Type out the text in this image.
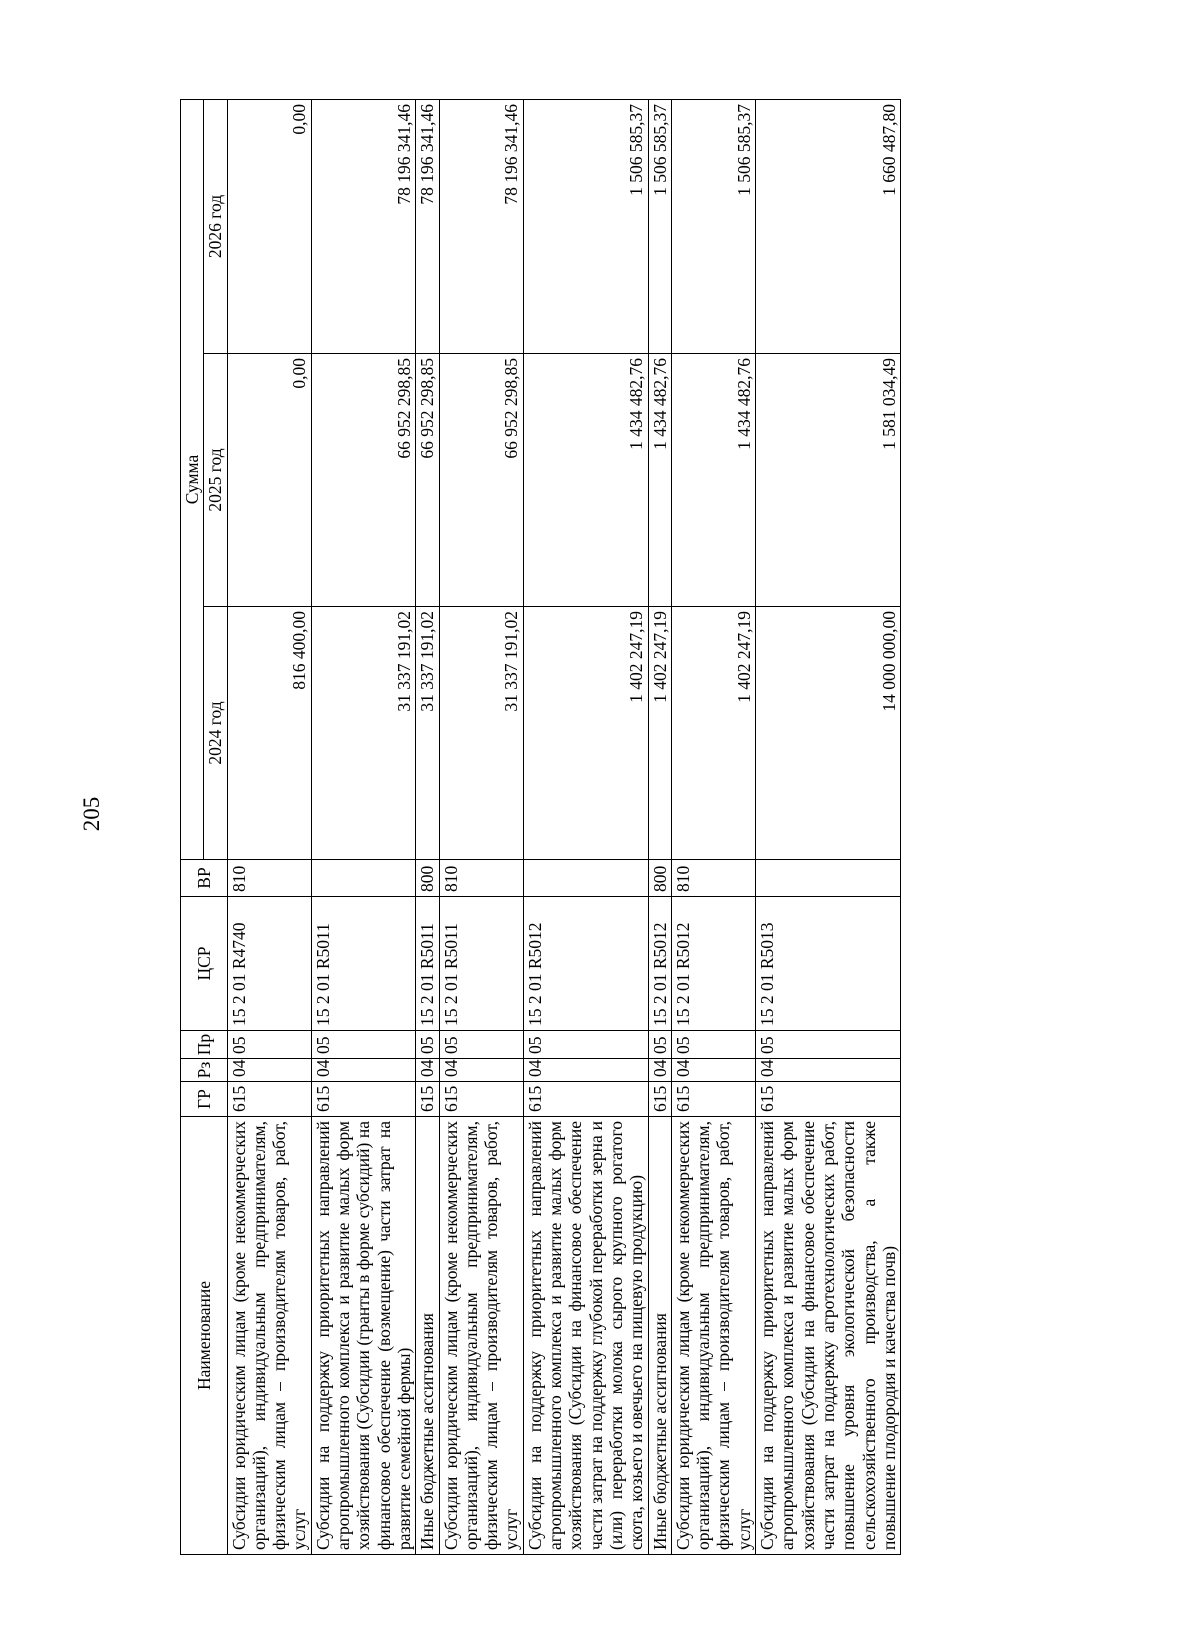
205
Наименование	ГР	Рз	Пр	ЦСР	ВР	Сумма		
						2024 год	2025 год	2026 год
Субсидии юридическим лицам (кроме некоммерческих организаций), индивидуальным предпринимателям, физическим лицам – производителям товаров, работ, услуг	615	04	05	15 2 01 R4740	810	816 400,00	0,00	0,00
Субсидии на поддержку приоритетных направлений агропромышленного комплекса и развитие малых форм хозяйствования (Субсидии (гранты в форме субсидий) на финансовое обеспечение (возмещение) части затрат на развитие семейной фермы)	615	04	05	15 2 01 R5011		31 337 191,02	66 952 298,85	78 196 341,46
Иные бюджетные ассигнования	615	04	05	15 2 01 R5011	800	31 337 191,02	66 952 298,85	78 196 341,46
Субсидии юридическим лицам (кроме некоммерческих организаций), индивидуальным предпринимателям, физическим лицам – производителям товаров, работ, услуг	615	04	05	15 2 01 R5011	810	31 337 191,02	66 952 298,85	78 196 341,46
Субсидии на поддержку приоритетных направлений агропромышленного комплекса и развитие малых форм хозяйствования (Субсидии на финансовое обеспечение части затрат на поддержку глубокой переработки зерна и (или) переработки молока сырого крупного рогатого скота, козьего и овечьего на пищевую продукцию)	615	04	05	15 2 01 R5012		1 402 247,19	1 434 482,76	1 506 585,37
Иные бюджетные ассигнования	615	04	05	15 2 01 R5012	800	1 402 247,19	1 434 482,76	1 506 585,37
Субсидии юридическим лицам (кроме некоммерческих организаций), индивидуальным предпринимателям, физическим лицам – производителям товаров, работ, услуг	615	04	05	15 2 01 R5012	810	1 402 247,19	1 434 482,76	1 506 585,37
Субсидии на поддержку приоритетных направлений агропромышленного комплекса и развитие малых форм хозяйствования (Субсидии на финансовое обеспечение части затрат на поддержку агротехнологических работ, повышение уровня экологической безопасности сельскохозяйственного производства, а также повышение плодородия и качества почв)	615	04	05	15 2 01 R5013		14 000 000,00	1 581 034,49	1 660 487,80
